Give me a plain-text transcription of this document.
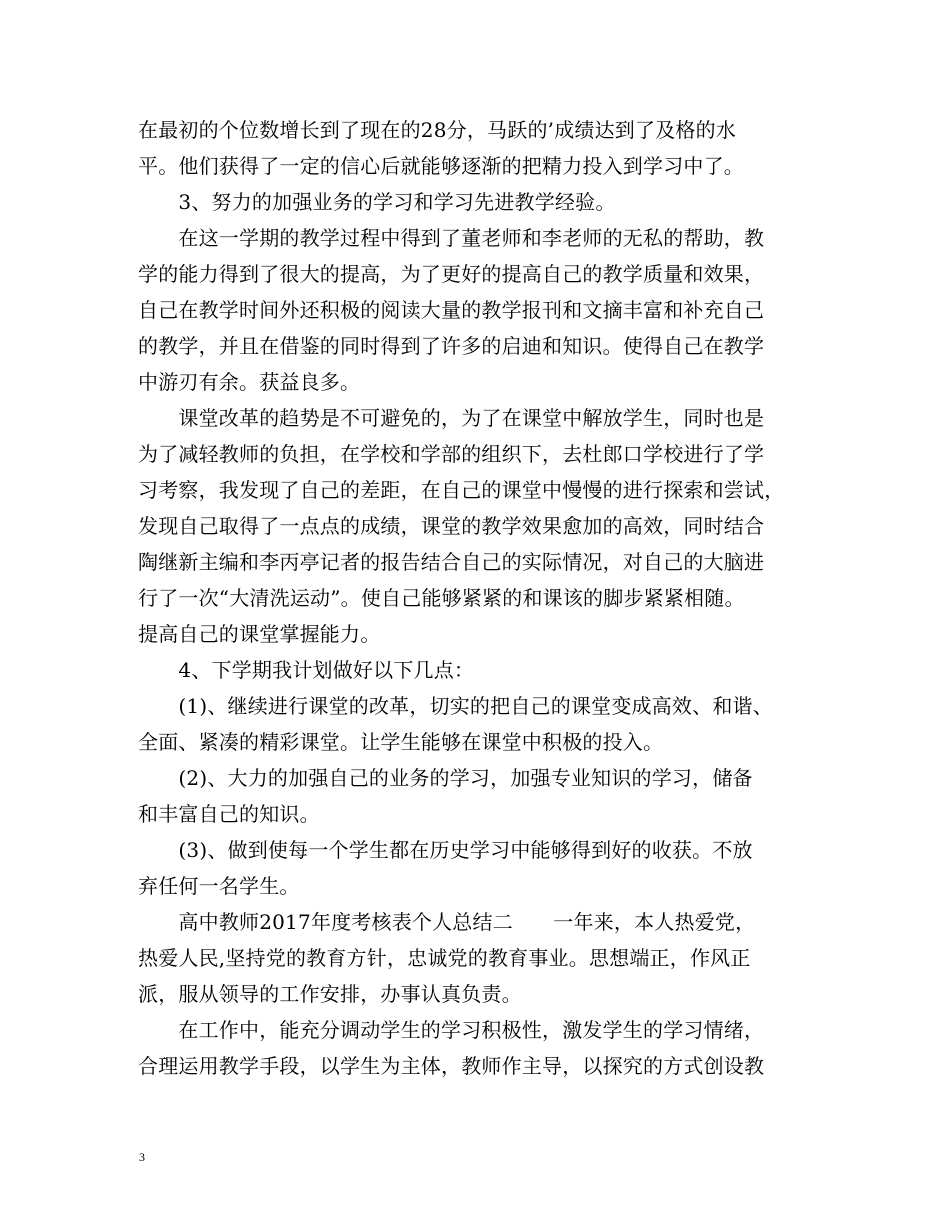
在最初的个位数增长到了现在的28分，马跃的’成绩达到了及格的水
平。他们获得了一定的信心后就能够逐渐的把精力投入到学习中了。
　　3、努力的加强业务的学习和学习先进教学经验。
　　在这一学期的教学过程中得到了董老师和李老师的无私的帮助，教
学的能力得到了很大的提高，为了更好的提高自己的教学质量和效果，
自己在教学时间外还积极的阅读大量的教学报刊和文摘丰富和补充自己
的教学，并且在借鉴的同时得到了许多的启迪和知识。使得自己在教学
中游刃有余。获益良多。
　　课堂改革的趋势是不可避免的，为了在课堂中解放学生，同时也是
为了减轻教师的负担，在学校和学部的组织下，去杜郎口学校进行了学
习考察，我发现了自己的差距，在自己的课堂中慢慢的进行探索和尝试，
发现自己取得了一点点的成绩，课堂的教学效果愈加的高效，同时结合
陶继新主编和李丙亭记者的报告结合自己的实际情况，对自己的大脑进
行了一次“大清洗运动”。使自己能够紧紧的和课该的脚步紧紧相随。
提高自己的课堂掌握能力。
　　4、下学期我计划做好以下几点：
　　(1)、继续进行课堂的改革，切实的把自己的课堂变成高效、和谐、
全面、紧凑的精彩课堂。让学生能够在课堂中积极的投入。
　　(2)、大力的加强自己的业务的学习，加强专业知识的学习，储备
和丰富自己的知识。
　　(3)、做到使每一个学生都在历史学习中能够得到好的收获。不放
弃任何一名学生。
　　高中教师2017年度考核表个人总结二　　一年来，本人热爱党，
热爱人民,坚持党的教育方针，忠诚党的教育事业。思想端正，作风正
派，服从领导的工作安排，办事认真负责。
　　在工作中，能充分调动学生的学习积极性，激发学生的学习情绪，
合理运用教学手段，以学生为主体，教师作主导，以探究的方式创设教
3
